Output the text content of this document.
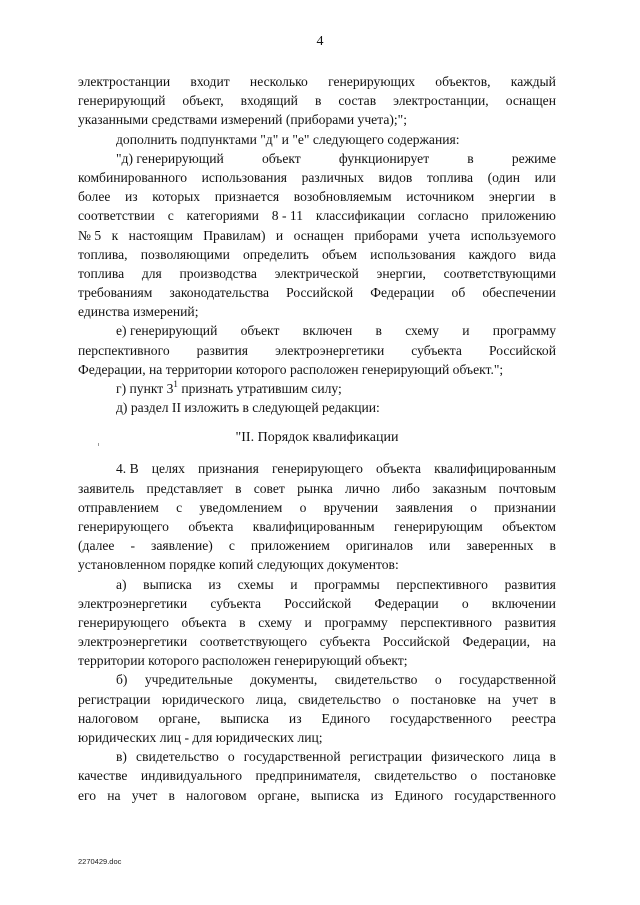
4
электростанции входит несколько генерирующих объектов, каждый
генерирующий объект, входящий в состав электростанции, оснащен
указанными средствами измерений (приборами учета);";
дополнить подпунктами "д" и "е" следующего содержания:
"д) генерирующий	объект	функционирует	в	режиме
комбинированного использования различных видов топлива (один или
более из которых признается возобновляемым источником энергии в
соответствии с категориями 8 - 11 классификации согласно приложению
№ 5 к настоящим Правилам) и оснащен приборами учета используемого
топлива, позволяющими определить объем использования каждого вида
топлива для производства электрической энергии, соответствующими
требованиям законодательства Российской Федерации об обеспечении
единства измерений;
е) генерирующий объект включен в схему и программу
перспективного развития электроэнергетики субъекта Российской
Федерации, на территории которого расположен генерирующий объект.";
г) пункт $3^1$ признать утратившим силу;
д) раздел II изложить в следующей редакции:
"II. Порядок квалификации
4. В целях признания генерирующего объекта квалифицированным
заявитель представляет в совет рынка лично либо заказным почтовым
отправлением с уведомлением о вручении заявления о признании
генерирующего объекта квалифицированным генерирующим объектом
(далее - заявление) с приложением оригиналов или заверенных в
установленном порядке копий следующих документов:
а) выписка из схемы и программы перспективного развития
электроэнергетики субъекта Российской Федерации о включении
генерирующего объекта в схему и программу перспективного развития
электроэнергетики соответствующего субъекта Российской Федерации, на
территории которого расположен генерирующий объект;
б) учредительные документы, свидетельство о государственной
регистрации юридического лица, свидетельство о постановке на учет в
налоговом органе, выписка из Единого государственного реестра
юридических лиц - для юридических лиц;
в) свидетельство о государственной регистрации физического лица в
качестве индивидуального предпринимателя, свидетельство о постановке
его на учет в налоговом органе, выписка из Единого государственного
2270429.doc
